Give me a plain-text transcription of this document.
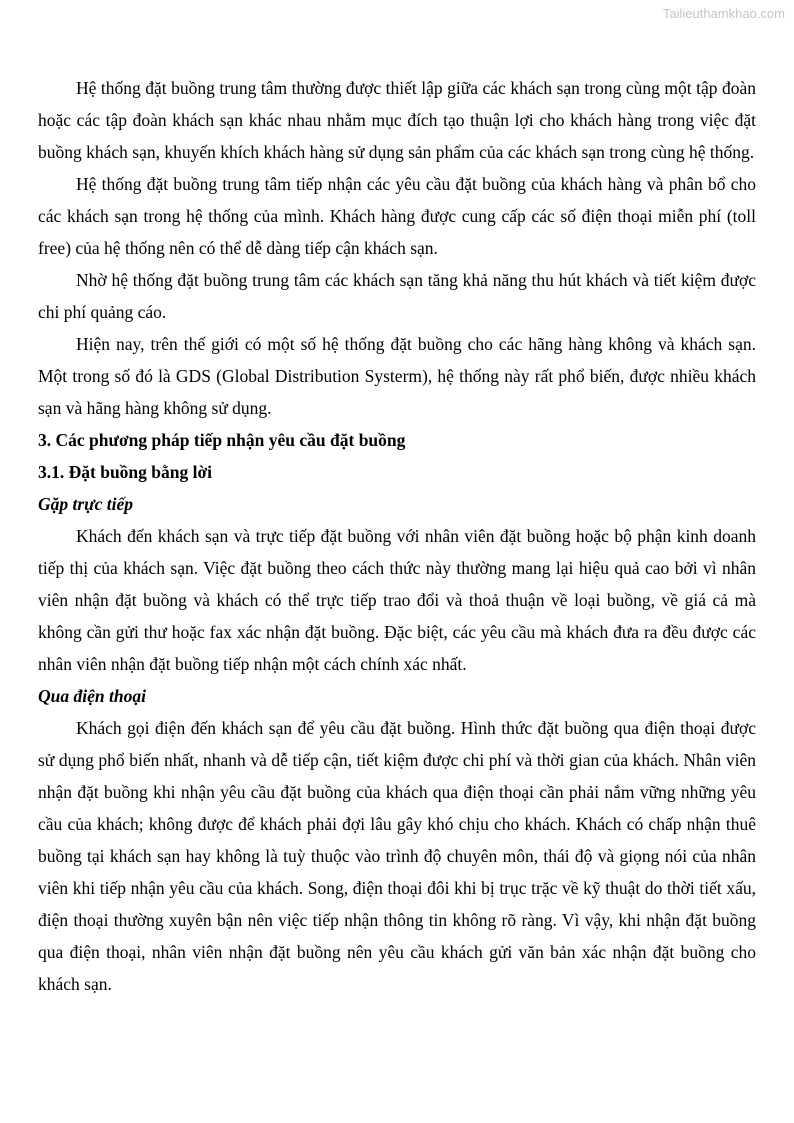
Tailieuthamkhao.com

Hệ thống đặt buồng trung tâm thường được thiết lập giữa các khách sạn trong cùng một tập đoàn hoặc các tập đoàn khách sạn khác nhau nhằm mục đích tạo thuận lợi cho khách hàng trong việc đặt buồng khách sạn, khuyến khích khách hàng sử dụng sản phẩm của các khách sạn trong cùng hệ thống.

Hệ thống đặt buồng trung tâm tiếp nhận các yêu cầu đặt buồng của khách hàng và phân bổ cho các khách sạn trong hệ thống của mình. Khách hàng được cung cấp các số điện thoại miễn phí (toll free) của hệ thống nên có thể dễ dàng tiếp cận khách sạn.

Nhờ hệ thống đặt buồng trung tâm các khách sạn tăng khả năng thu hút khách và tiết kiệm được chi phí quảng cáo.

Hiện nay, trên thế giới có một số hệ thống đặt buồng cho các hãng hàng không và khách sạn. Một trong số đó là GDS (Global Distribution Systerm), hệ thống này rất phổ biến, được nhiều khách sạn và hãng hàng không sử dụng.

3. Các phương pháp tiếp nhận yêu cầu đặt buồng

3.1. Đặt buồng bằng lời

Gặp trực tiếp

Khách đến khách sạn và trực tiếp đặt buồng với nhân viên đặt buồng hoặc bộ phận kinh doanh tiếp thị của khách sạn. Việc đặt buồng theo cách thức này thường mang lại hiệu quả cao bởi vì nhân viên nhận đặt buồng và khách có thể trực tiếp trao đổi và thoả thuận về loại buồng, về giá cả mà không cần gửi thư hoặc fax xác nhận đặt buồng. Đặc biệt, các yêu cầu mà khách đưa ra đều được các nhân viên nhận đặt buồng tiếp nhận một cách chính xác nhất.

Qua điện thoại

Khách gọi điện đến khách sạn để yêu cầu đặt buồng. Hình thức đặt buồng qua điện thoại được sử dụng phổ biến nhất, nhanh và dễ tiếp cận, tiết kiệm được chi phí và thời gian của khách. Nhân viên nhận đặt buồng khi nhận yêu cầu đặt buồng của khách qua điện thoại cần phải nắm vững những yêu cầu của khách; không được để khách phải đợi lâu gây khó chịu cho khách. Khách có chấp nhận thuê buồng tại khách sạn hay không là tuỳ thuộc vào trình độ chuyên môn, thái độ và giọng nói của nhân viên khi tiếp nhận yêu cầu của khách. Song, điện thoại đôi khi bị trục trặc về kỹ thuật do thời tiết xấu, điện thoại thường xuyên bận nên việc tiếp nhận thông tin không rõ ràng. Vì vậy, khi nhận đặt buồng qua điện thoại, nhân viên nhận đặt buồng nên yêu cầu khách gửi văn bản xác nhận đặt buồng cho khách sạn.
